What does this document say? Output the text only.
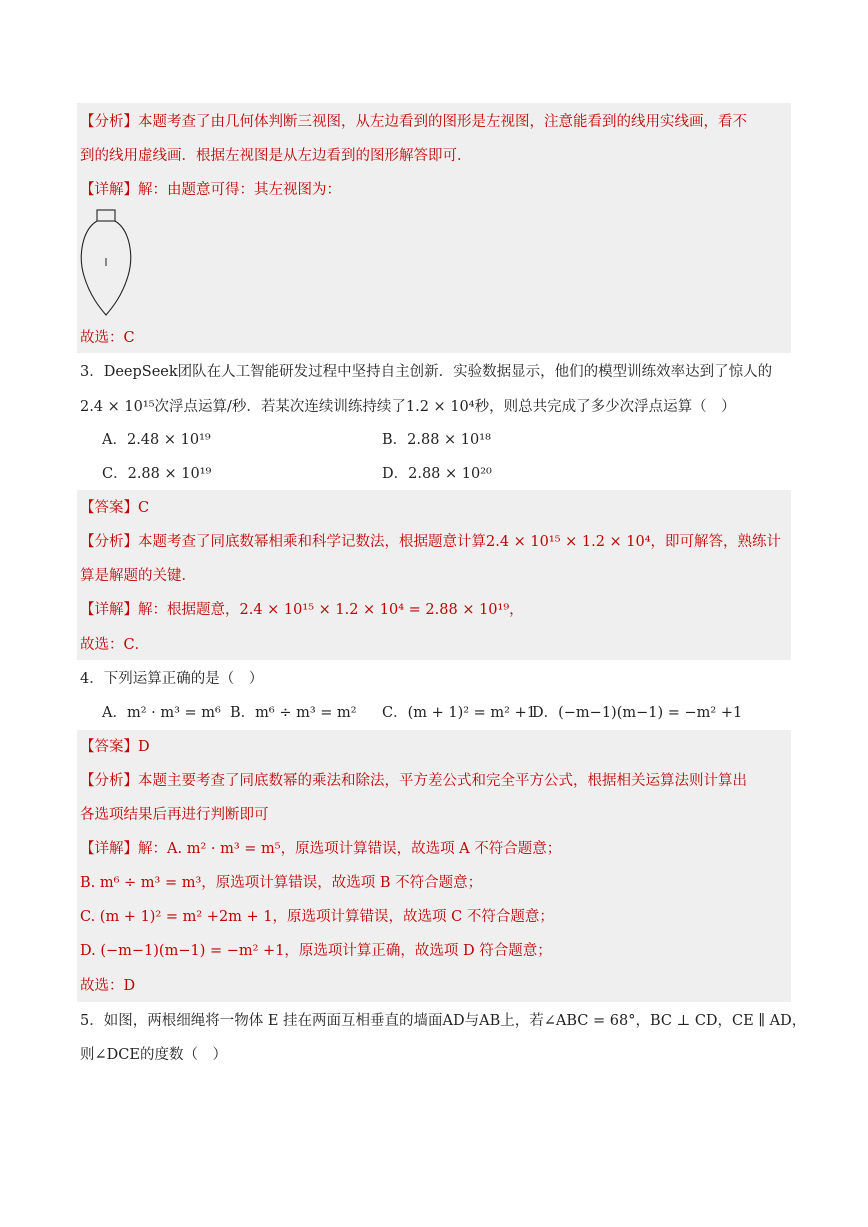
【分析】本题考查了由几何体判断三视图，从左边看到的图形是左视图，注意能看到的线用实线画，看不
到的线用虚线画．根据左视图是从左边看到的图形解答即可．
【详解】解：由题意可得：其左视图为：
故选：C
3．DeepSeek团队在人工智能研发过程中坚持自主创新．实验数据显示，他们的模型训练效率达到了惊人的
2.4 × 10¹⁵次浮点运算/秒．若某次连续训练持续了1.2 × 10⁴秒，则总共完成了多少次浮点运算（　）
A．2.48 × 10¹⁹	B．2.88 × 10¹⁸
C．2.88 × 10¹⁹	D．2.88 × 10²⁰
【答案】C
【分析】本题考查了同底数幂相乘和科学记数法，根据题意计算2.4 × 10¹⁵ × 1.2 × 10⁴，即可解答，熟练计
算是解题的关键．
【详解】解：根据题意，2.4 × 10¹⁵ × 1.2 × 10⁴ = 2.88 × 10¹⁹，
故选：C．
4．下列运算正确的是（　）
A．m² · m³ = m⁶ B．m⁶ ÷ m³ = m² C．(m + 1)² = m² +1
D．(−m−1)(m−1) = −m² +1
【答案】D
【分析】本题主要考查了同底数幂的乘法和除法，平方差公式和完全平方公式，根据相关运算法则计算出
各选项结果后再进行判断即可
【详解】解：A. m² · m³ = m⁵，原选项计算错误，故选项 A 不符合题意；
B. m⁶ ÷ m³ = m³，原选项计算错误，故选项 B 不符合题意；
C. (m + 1)² = m² +2m + 1，原选项计算错误，故选项 C 不符合题意；
D. (−m−1)(m−1) = −m² +1，原选项计算正确，故选项 D 符合题意；
故选：D
5．如图，两根细绳将一物体 E 挂在两面互相垂直的墙面AD与AB上，若∠ABC = 68°，BC ⊥ CD，CE ∥ AD，
则∠DCE的度数（　）
